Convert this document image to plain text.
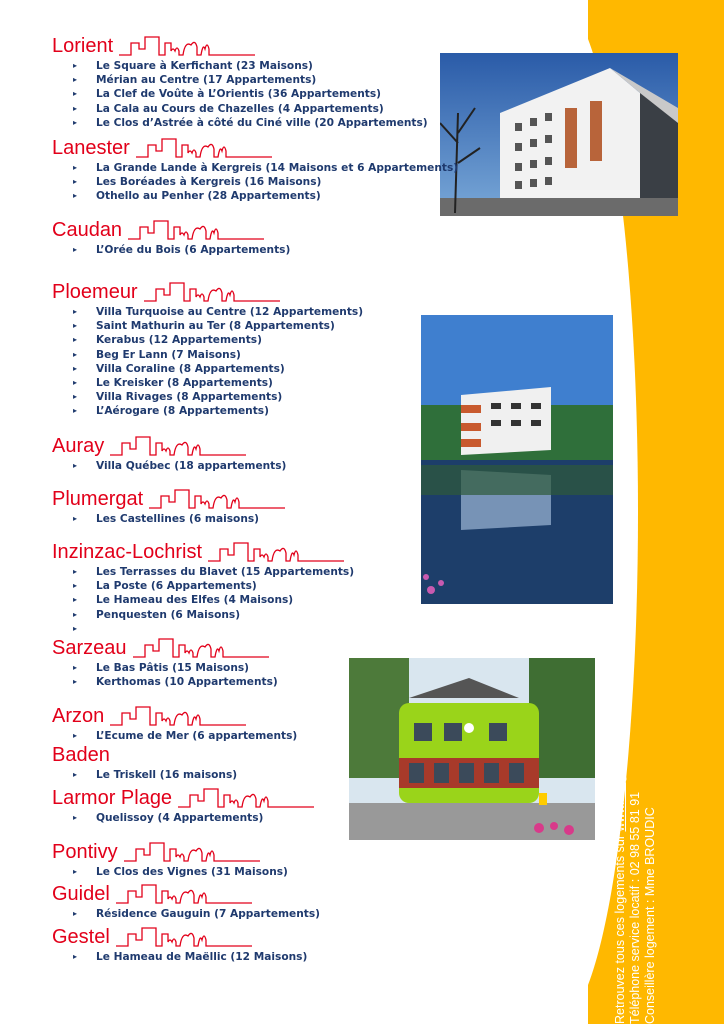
Retrouvez tous ces logements sur www.lelogisbreton.fr
Téléphone service locatif : 02 98 55 81 91 Conseillère logement : Mme BROUDIC
Lorient
▸ Le Square à Kerfichant (23 Maisons)
▸ Mérian au Centre (17 Appartements)
▸ La Clef de Voûte à L’Orientis (36 Appartements)
▸ La Cala au Cours de Chazelles (4 Appartements)
▸ Le Clos d’Astrée à côté du Ciné ville (20 Appartements)
Lanester
▸ La Grande Lande à Kergreis (14 Maisons et 6 Appartements)
▸ Les Boréades à Kergreis (16 Maisons)
▸ Othello au Penher (28 Appartements)
Caudan
▸ L’Orée du Bois (6 Appartements)
Ploemeur
▸ Villa Turquoise au Centre (12 Appartements)
▸ Saint Mathurin au Ter (8 Appartements)
▸ Kerabus (12 Appartements)
▸ Beg Er Lann (7 Maisons)
▸ Villa Coraline (8 Appartements)
▸ Le Kreisker (8 Appartements)
▸ Villa Rivages (8 Appartements)
▸ L’Aérogare (8 Appartements)
Auray
▸ Villa Québec (18 appartements)
Plumergat
▸ Les Castellines (6 maisons)
Inzinzac-Lochrist
▸ Les Terrasses du Blavet (15 Appartements)
▸ La Poste (6 Appartements)
▸ Le Hameau des Elfes (4 Maisons)
▸ Penquesten (6 Maisons)
▸
Sarzeau
▸ Le Bas Pâtis (15 Maisons)
▸ Kerthomas (10 Appartements)
Arzon
▸ L’Ecume de Mer (6 appartements)
Baden
▸ Le Triskell (16 maisons)
Larmor Plage
▸ Quelissoy (4 Appartements)
Pontivy
▸ Le Clos des Vignes (31 Maisons)
Guidel
▸ Résidence Gauguin (7 Appartements)
Gestel
▸ Le Hameau de Maëllic (12 Maisons)
